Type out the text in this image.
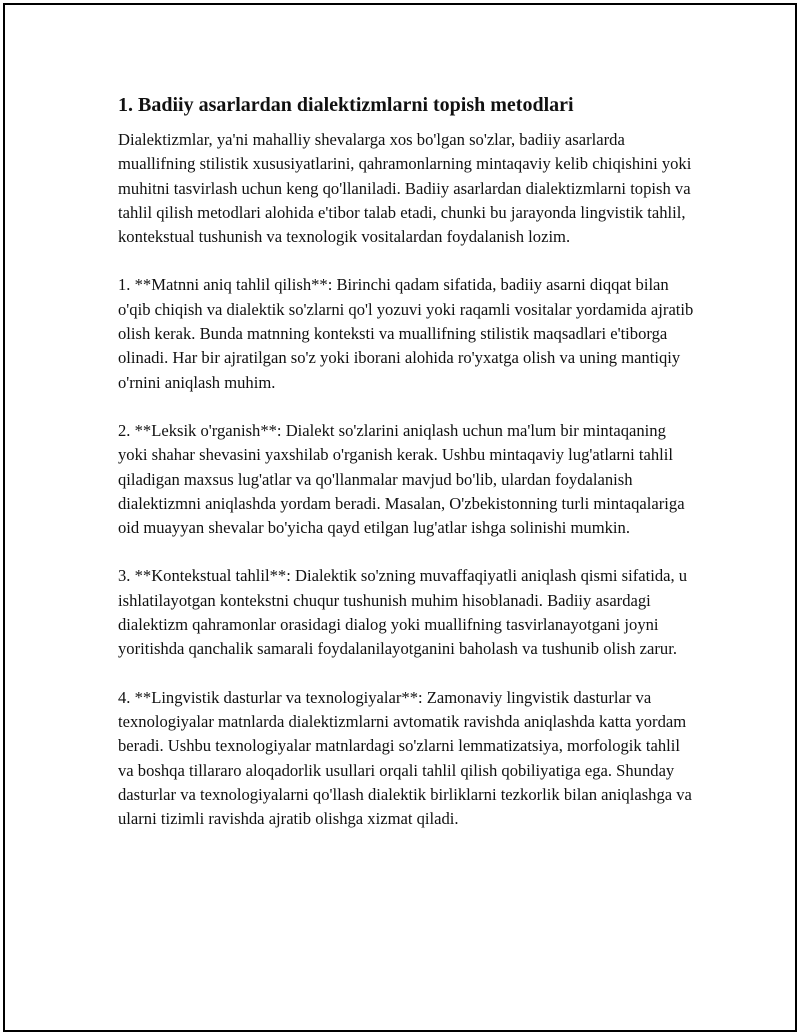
1. Badiiy asarlardan dialektizmlarni topish metodlari

Dialektizmlar, ya'ni mahalliy shevalarga xos bo'lgan so'zlar, badiiy asarlarda muallifning stilistik xususiyatlarini, qahramonlarning mintaqaviy kelib chiqishini yoki muhitni tasvirlash uchun keng qo'llaniladi. Badiiy asarlardan dialektizmlarni topish va tahlil qilish metodlari alohida e'tibor talab etadi, chunki bu jarayonda lingvistik tahlil, kontekstual tushunish va texnologik vositalardan foydalanish lozim.

1. **Matnni aniq tahlil qilish**: Birinchi qadam sifatida, badiiy asarni diqqat bilan o'qib chiqish va dialektik so'zlarni qo'l yozuvi yoki raqamli vositalar yordamida ajratib olish kerak. Bunda matnning konteksti va muallifning stilistik maqsadlari e'tiborga olinadi. Har bir ajratilgan so'z yoki iborani alohida ro'yxatga olish va uning mantiqiy o'rnini aniqlash muhim.

2. **Leksik o'rganish**: Dialekt so'zlarini aniqlash uchun ma'lum bir mintaqaning yoki shahar shevasini yaxshilab o'rganish kerak. Ushbu mintaqaviy lug'atlarni tahlil qiladigan maxsus lug'atlar va qo'llanmalar mavjud bo'lib, ulardan foydalanish dialektizmni aniqlashda yordam beradi. Masalan, O'zbekistonning turli mintaqalariga oid muayyan shevalar bo'yicha qayd etilgan lug'atlar ishga solinishi mumkin.

3. **Kontekstual tahlil**: Dialektik so'zning muvaffaqiyatli aniqlash qismi sifatida, u ishlatilayotgan kontekstni chuqur tushunish muhim hisoblanadi. Badiiy asardagi dialektizm qahramonlar orasidagi dialog yoki muallifning tasvirlanayotgani joyni yoritishda qanchalik samarali foydalanilayotganini baholash va tushunib olish zarur.

4. **Lingvistik dasturlar va texnologiyalar**: Zamonaviy lingvistik dasturlar va texnologiyalar matnlarda dialektizmlarni avtomatik ravishda aniqlashda katta yordam beradi. Ushbu texnologiyalar matnlardagi so'zlarni lemmatizatsiya, morfologik tahlil va boshqa tillararo aloqadorlik usullari orqali tahlil qilish qobiliyatiga ega. Shunday dasturlar va texnologiyalarni qo'llash dialektik birliklarni tezkorlik bilan aniqlashga va ularni tizimli ravishda ajratib olishga xizmat qiladi.
